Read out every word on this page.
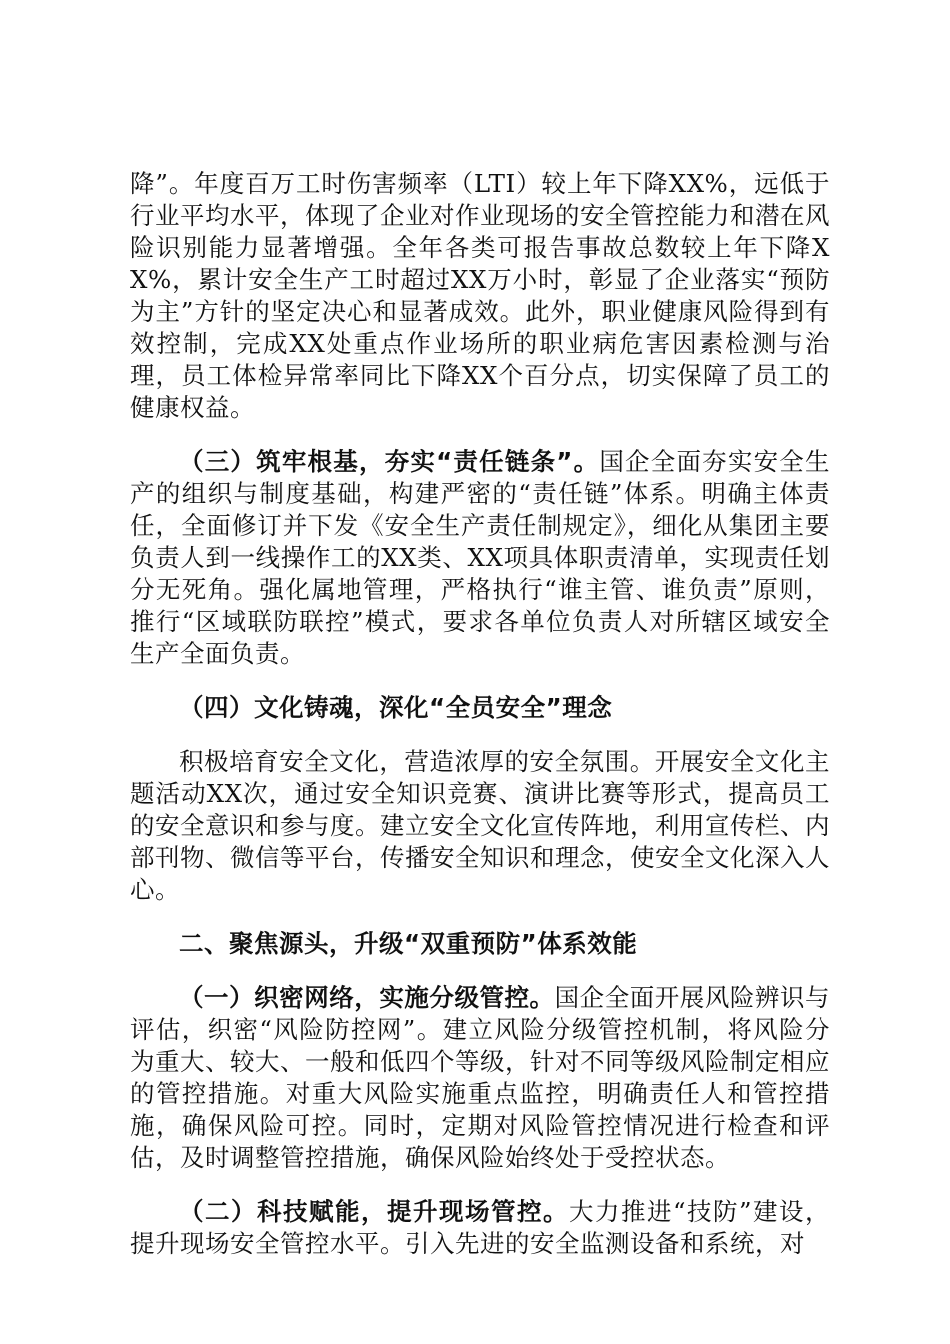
降”。年度百万工时伤害频率（LTI）较上年下降XX%，远低于行业平均水平，体现了企业对作业现场的安全管控能力和潜在风险识别能力显著增强。全年各类可报告事故总数较上年下降XX%，累计安全生产工时超过XX万小时，彰显了企业落实“预防为主”方针的坚定决心和显著成效。此外，职业健康风险得到有效控制，完成XX处重点作业场所的职业病危害因素检测与治理，员工体检异常率同比下降XX个百分点，切实保障了员工的健康权益。

（三）筑牢根基，夯实“责任链条”。国企全面夯实安全生产的组织与制度基础，构建严密的“责任链”体系。明确主体责任，全面修订并下发《安全生产责任制规定》，细化从集团主要负责人到一线操作工的XX类、XX项具体职责清单，实现责任划分无死角。强化属地管理，严格执行“谁主管、谁负责”原则，推行“区域联防联控”模式，要求各单位负责人对所辖区域安全生产全面负责。

（四）文化铸魂，深化“全员安全”理念

积极培育安全文化，营造浓厚的安全氛围。开展安全文化主题活动XX次，通过安全知识竞赛、演讲比赛等形式，提高员工的安全意识和参与度。建立安全文化宣传阵地，利用宣传栏、内部刊物、微信等平台，传播安全知识和理念，使安全文化深入人心。

二、聚焦源头，升级“双重预防”体系效能

（一）织密网络，实施分级管控。国企全面开展风险辨识与评估，织密“风险防控网”。建立风险分级管控机制，将风险分为重大、较大、一般和低四个等级，针对不同等级风险制定相应的管控措施。对重大风险实施重点监控，明确责任人和管控措施，确保风险可控。同时，定期对风险管控情况进行检查和评估，及时调整管控措施，确保风险始终处于受控状态。

（二）科技赋能，提升现场管控。大力推进“技防”建设，提升现场安全管控水平。引入先进的安全监测设备和系统，对
